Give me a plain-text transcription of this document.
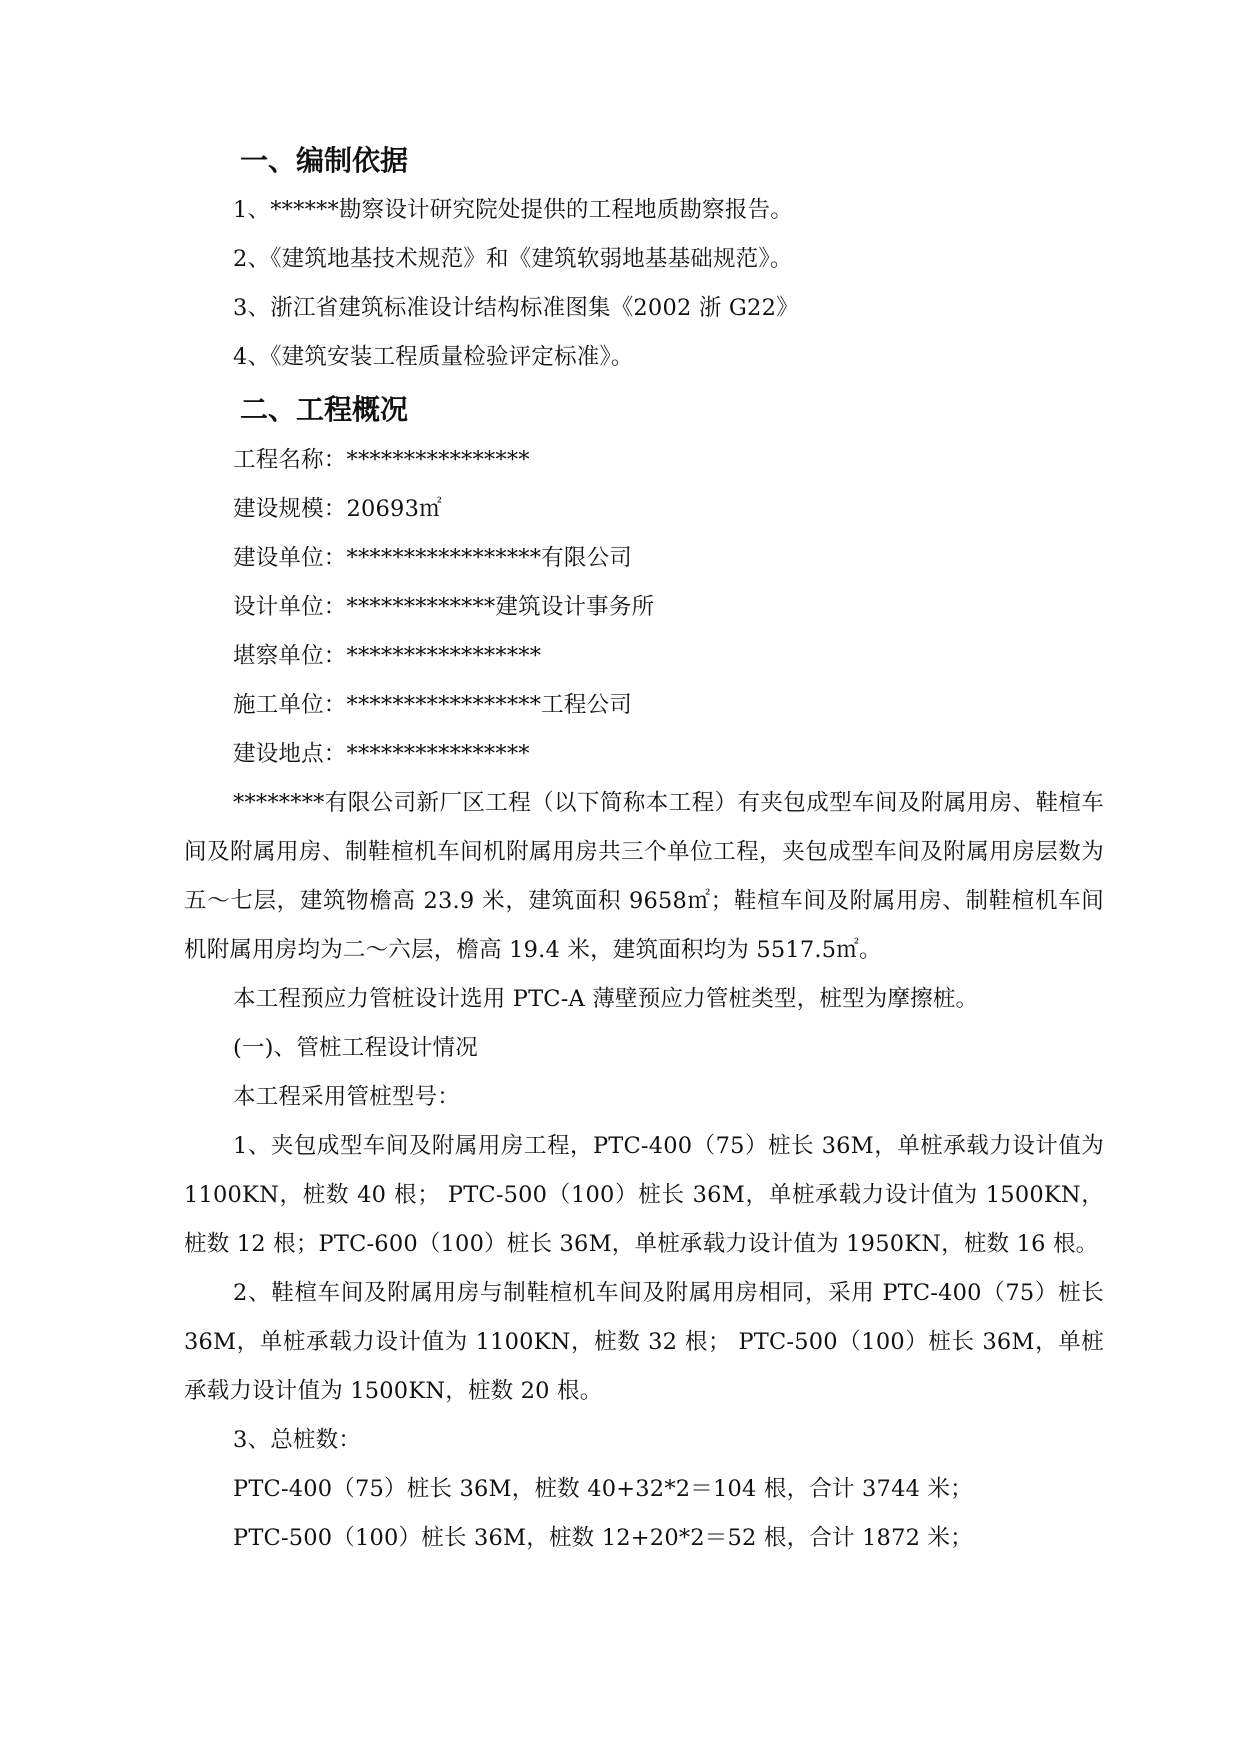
一、编制依据

1、******勘察设计研究院处提供的工程地质勘察报告。

2、《建筑地基技术规范》和《建筑软弱地基基础规范》。

3、浙江省建筑标准设计结构标准图集《2002 浙 G22》

4、《建筑安装工程质量检验评定标准》。

二、工程概况

工程名称：****************

建设规模：20693㎡

建设单位：*****************有限公司

设计单位：*************建筑设计事务所

堪察单位：*****************

施工单位：*****************工程公司

建设地点：****************

********有限公司新厂区工程（以下简称本工程）有夹包成型车间及附属用房、鞋楦车间及附属用房、制鞋楦机车间机附属用房共三个单位工程，夹包成型车间及附属用房层数为五～七层，建筑物檐高 23.9 米，建筑面积 9658㎡；鞋楦车间及附属用房、制鞋楦机车间机附属用房均为二～六层，檐高 19.4 米，建筑面积均为 5517.5㎡。

本工程预应力管桩设计选用 PTC-A 薄壁预应力管桩类型，桩型为摩擦桩。

(一)、管桩工程设计情况

本工程采用管桩型号：

1、夹包成型车间及附属用房工程，PTC-400（75）桩长 36M，单桩承载力设计值为 1100KN，桩数 40 根； PTC-500（100）桩长 36M，单桩承载力设计值为 1500KN，桩数 12 根；PTC-600（100）桩长 36M，单桩承载力设计值为 1950KN，桩数 16 根。

2、鞋楦车间及附属用房与制鞋楦机车间及附属用房相同，采用 PTC-400（75）桩长 36M，单桩承载力设计值为 1100KN，桩数 32 根； PTC-500（100）桩长 36M，单桩承载力设计值为 1500KN，桩数 20 根。

3、总桩数：

PTC-400（75）桩长 36M，桩数 40+32*2＝104 根，合计 3744 米；

PTC-500（100）桩长 36M，桩数 12+20*2＝52 根，合计 1872 米；
